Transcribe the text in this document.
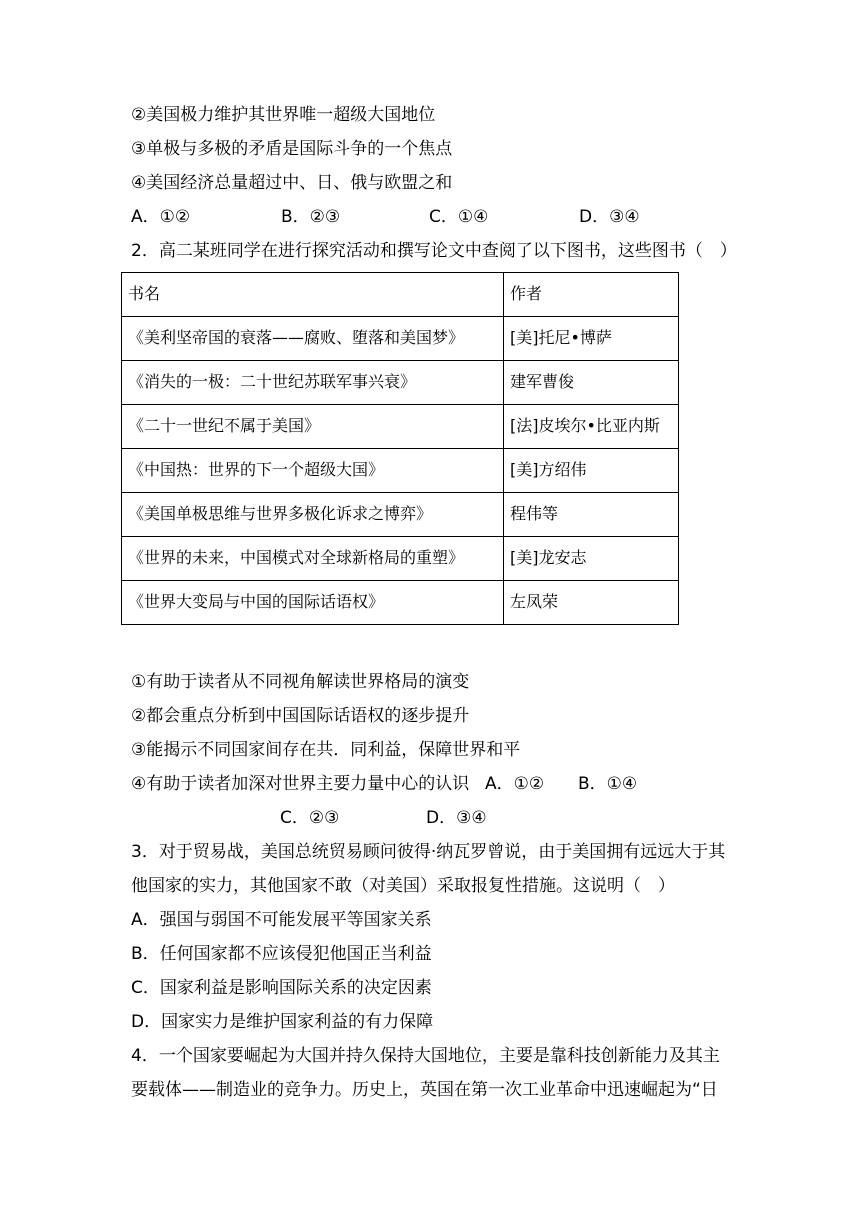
②美国极力维护其世界唯一超级大国地位
③单极与多极的矛盾是国际斗争的一个焦点
④美国经济总量超过中、日、俄与欧盟之和
A．①②	B．②③	C．①④	D．③④
2．高二某班同学在进行探究活动和撰写论文中查阅了以下图书，这些图书（　）
书名	作者
《美利坚帝国的衰落——腐败、堕落和美国梦》	[美]托尼•博萨
《消失的一极：二十世纪苏联军事兴衰》	建军曹俊
《二十一世纪不属于美国》	[法]皮埃尔•比亚内斯
《中国热：世界的下一个超级大国》	[美]方绍伟
《美国单极思维与世界多极化诉求之博弈》	程伟等
《世界的未来，中国模式对全球新格局的重塑》	[美]龙安志
《世界大变局与中国的国际话语权》	左凤荣
①有助于读者从不同视角解读世界格局的演变
②都会重点分析到中国国际话语权的逐步提升
③能揭示不同国家间存在共．同利益，保障世界和平
④有助于读者加深对世界主要力量中心的认识 A．①② B．①④
C．②③	D．③④
3．对于贸易战，美国总统贸易顾问彼得·纳瓦罗曾说，由于美国拥有远远大于其
他国家的实力，其他国家不敢（对美国）采取报复性措施。这说明（　）
A．强国与弱国不可能发展平等国家关系
B．任何国家都不应该侵犯他国正当利益
C．国家利益是影响国际关系的决定因素
D．国家实力是维护国家利益的有力保障
4．一个国家要崛起为大国并持久保持大国地位，主要是靠科技创新能力及其主
要载体——制造业的竞争力。历史上，英国在第一次工业革命中迅速崛起为“日
